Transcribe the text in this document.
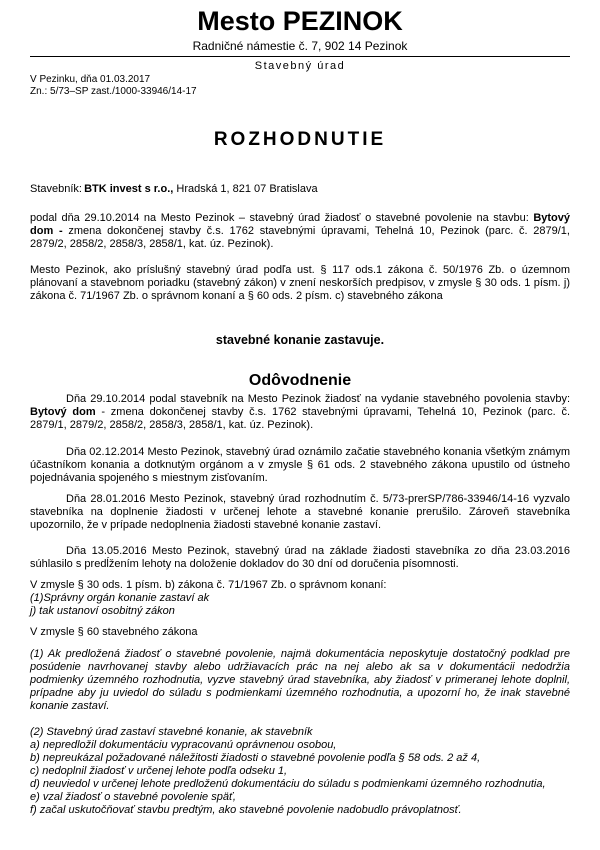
Mesto PEZINOK
Radničné námestie č. 7, 902 14 Pezinok
Stavebný úrad
V Pezinku, dňa 01.03.2017
Zn.: 5/73–SP zast./1000-33946/14-17
ROZHODNUTIE
Stavebník: BTK invest s r.o., Hradská 1, 821 07 Bratislava
podal dňa 29.10.2014 na Mesto Pezinok – stavebný úrad žiadosť o stavebné povolenie na stavbu: Bytový dom - zmena dokončenej stavby č.s. 1762 stavebnými úpravami, Tehelná 10, Pezinok (parc. č. 2879/1, 2879/2, 2858/2, 2858/3, 2858/1, kat. úz. Pezinok).
Mesto Pezinok, ako príslušný stavebný úrad podľa ust. § 117 ods.1 zákona č. 50/1976 Zb. o územnom plánovaní a stavebnom poriadku (stavebný zákon) v znení neskorších predpisov, v zmysle § 30 ods. 1 písm. j) zákona č. 71/1967 Zb. o správnom konaní a § 60 ods. 2 písm. c) stavebného zákona
stavebné konanie zastavuje.
Odôvodnenie
Dňa 29.10.2014 podal stavebník na Mesto Pezinok žiadosť na vydanie stavebného povolenia stavby: Bytový dom - zmena dokončenej stavby č.s. 1762 stavebnými úpravami, Tehelná 10, Pezinok (parc. č. 2879/1, 2879/2, 2858/2, 2858/3, 2858/1, kat. úz. Pezinok).
Dňa 02.12.2014 Mesto Pezinok, stavebný úrad oznámilo začatie stavebného konania všetkým známym účastníkom konania a dotknutým orgánom a v zmysle § 61 ods. 2 stavebného zákona upustilo od ústneho pojednávania spojeného s miestnym zisťovaním.
Dňa 28.01.2016 Mesto Pezinok, stavebný úrad rozhodnutím č. 5/73-prerSP/786-33946/14-16 vyzvalo stavebníka na doplnenie žiadosti v určenej lehote a stavebné konanie prerušilo. Zároveň stavebníka upozornilo, že v prípade nedoplnenia žiadosti stavebné konanie zastaví.
Dňa 13.05.2016 Mesto Pezinok, stavebný úrad na základe žiadosti stavebníka zo dňa 23.03.2016 súhlasilo s predĺžením lehoty na doloženie dokladov do 30 dní od doručenia písomnosti.
V zmysle § 30 ods. 1 písm. b) zákona č. 71/1967 Zb. o správnom konaní:
(1)Správny orgán konanie zastaví ak
j) tak ustanoví osobitný zákon
V zmysle § 60 stavebného zákona
(1) Ak predložená žiadosť o stavebné povolenie, najmä dokumentácia neposkytuje dostatočný podklad pre posúdenie navrhovanej stavby alebo udržiavacích prác na nej alebo ak sa v dokumentácii nedodržia podmienky územného rozhodnutia, vyzve stavebný úrad stavebníka, aby žiadosť v primeranej lehote doplnil, prípadne aby ju uviedol do súladu s podmienkami územného rozhodnutia, a upozorní ho, že inak stavebné konanie zastaví.
(2) Stavebný úrad zastaví stavebné konanie, ak stavebník
a) nepredložil dokumentáciu vypracovanú oprávnenou osobou,
b) nepreukázal požadované náležitosti žiadosti o stavebné povolenie podľa § 58 ods. 2 až 4,
c) nedoplnil žiadosť v určenej lehote podľa odseku 1,
d) neuviedol v určenej lehote predloženú dokumentáciu do súladu s podmienkami územného rozhodnutia,
e) vzal žiadosť o stavebné povolenie späť,
f) začal uskutočňovať stavbu predtým, ako stavebné povolenie nadobudlo právoplatnosť.
